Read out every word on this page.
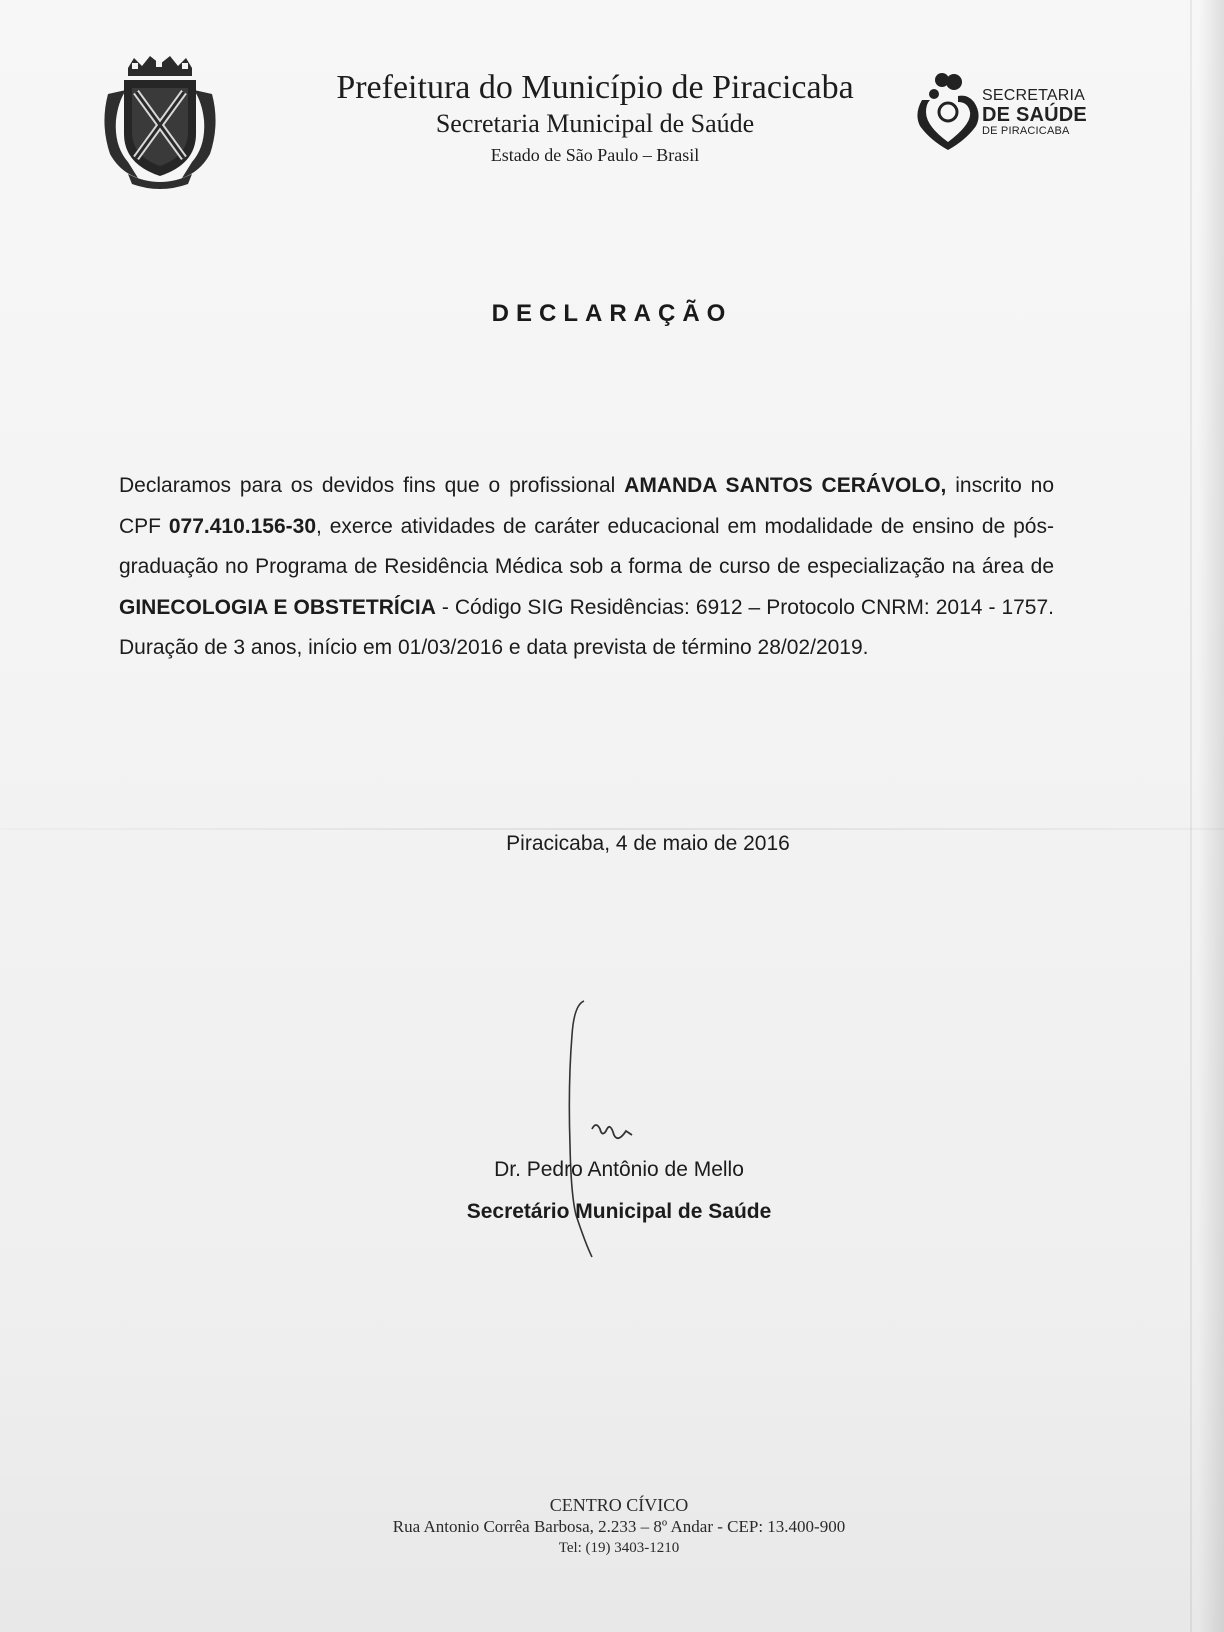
Prefeitura do Município de Piracicaba
Secretaria Municipal de Saúde
Estado de São Paulo – Brasil
SECRETARIA
DE SAÚDE
DE PIRACICABA
DECLARAÇÃO

Declaramos para os devidos fins que o profissional AMANDA SANTOS CERÁVOLO, inscrito no CPF 077.410.156-30, exerce atividades de caráter educacional em modalidade de ensino de pós-graduação no Programa de Residência Médica sob a forma de curso de especialização na área de GINECOLOGIA E OBSTETRÍCIA - Código SIG Residências: 6912 – Protocolo CNRM: 2014 - 1757. Duração de 3 anos, início em 01/03/2016 e data prevista de término 28/02/2019.

Piracicaba, 4 de maio de 2016
Dr. Pedro Antônio de Mello
Secretário Municipal de Saúde
CENTRO CÍVICO
Rua Antonio Corrêa Barbosa, 2.233 – 8º Andar - CEP: 13.400-900
Tel: (19) 3403-1210
